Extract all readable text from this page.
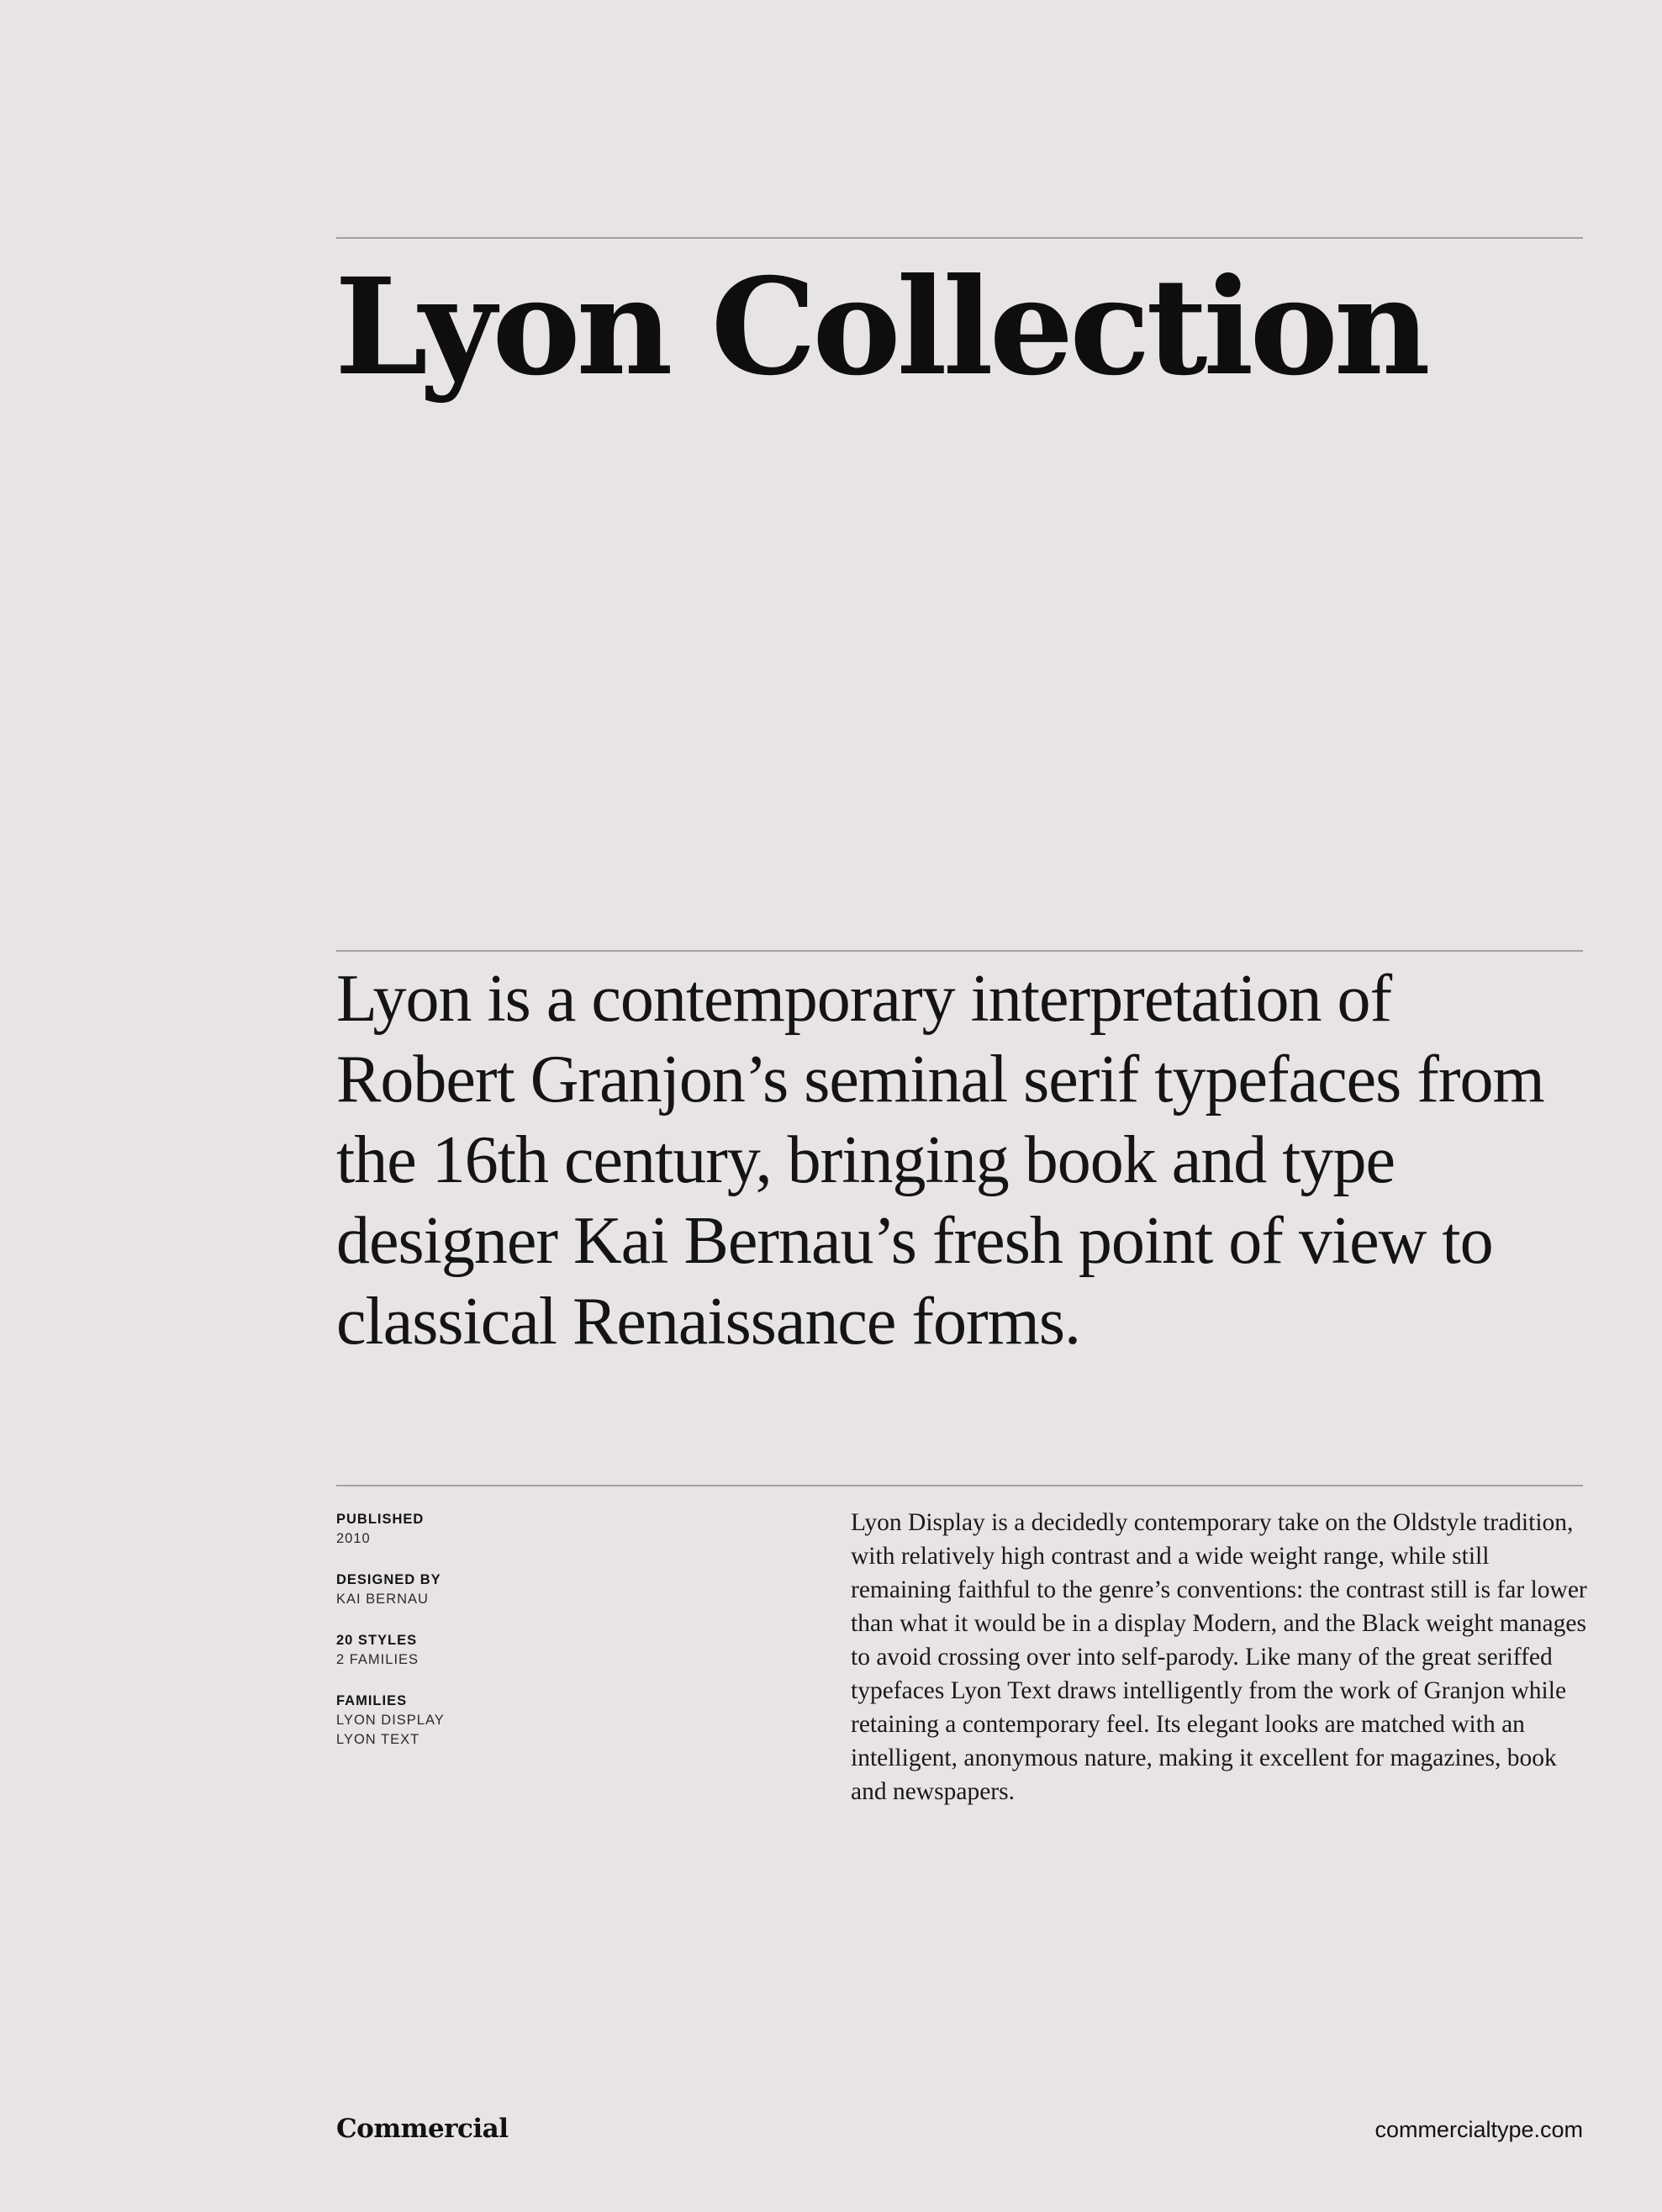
Lyon Collection

Lyon is a contemporary interpretation of Robert Granjon’s seminal serif typefaces from the 16th century, bringing book and type designer Kai Bernau’s fresh point of view to classical Renaissance forms.

PUBLISHED
2010
DESIGNED BY
KAI BERNAU
20 STYLES
2 FAMILIES
FAMILIES
LYON DISPLAY
LYON TEXT

Lyon Display is a decidedly contemporary take on the Oldstyle tradition, with relatively high contrast and a wide weight range, while still remaining faithful to the genre’s conventions: the contrast still is far lower than what it would be in a display Modern, and the Black weight manages to avoid crossing over into self-parody. Like many of the great seriffed typefaces Lyon Text draws intelligently from the work of Granjon while retaining a contemporary feel. Its elegant looks are matched with an intelligent, anonymous nature, making it excellent for magazines, book and newspapers.

Commercial	commercialtype.com
